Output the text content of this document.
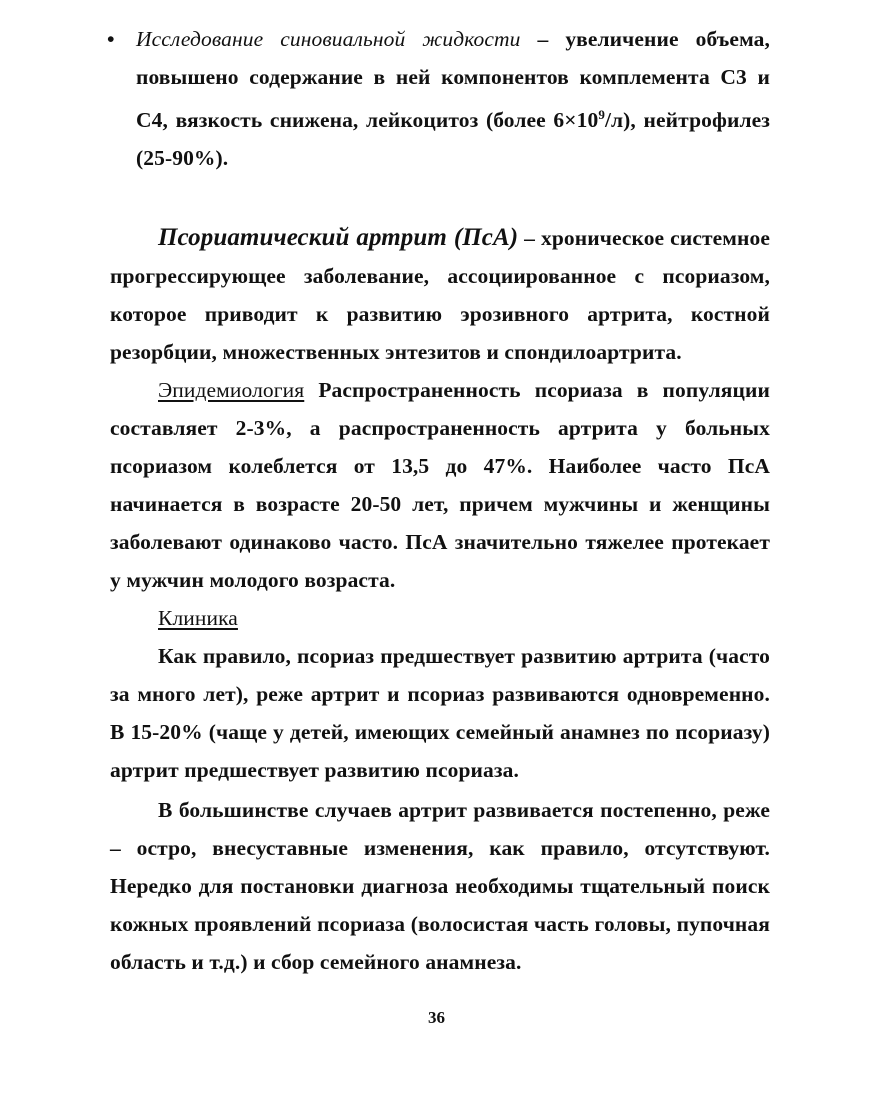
• Исследование синовиальной жидкости – увеличение объема, повышено содержание в ней компонентов комплемента С3 и С4, вязкость снижена, лейкоцитоз (более $6\times 10^9/л$), нейтрофилез (25-90%).

Псориатический артрит (ПсА) – хроническое системное прогрессирующее заболевание, ассоциированное с псориазом, которое приводит к развитию эрозивного артрита, костной резорбции, множественных энтезитов и спондилоартрита.

Эпидемиология Распространенность псориаза в популяции составляет 2-3%, а распространенность артрита у больных псориазом колеблется от 13,5 до 47%. Наиболее часто ПсА начинается в возрасте 20-50 лет, причем мужчины и женщины заболевают одинаково часто. ПсА значительно тяжелее протекает у мужчин молодого возраста.

Клиника

Как правило, псориаз предшествует развитию артрита (часто за много лет), реже артрит и псориаз развиваются одновременно. В 15-20% (чаще у детей, имеющих семейный анамнез по псориазу) артрит предшествует развитию псориаза.

В большинстве случаев артрит развивается постепенно, реже – остро, внесуставные изменения, как правило, отсутствуют. Нередко для постановки диагноза необходимы тщательный поиск кожных проявлений псориаза (волосистая часть головы, пупочная область и т.д.) и сбор семейного анамнеза.

36
